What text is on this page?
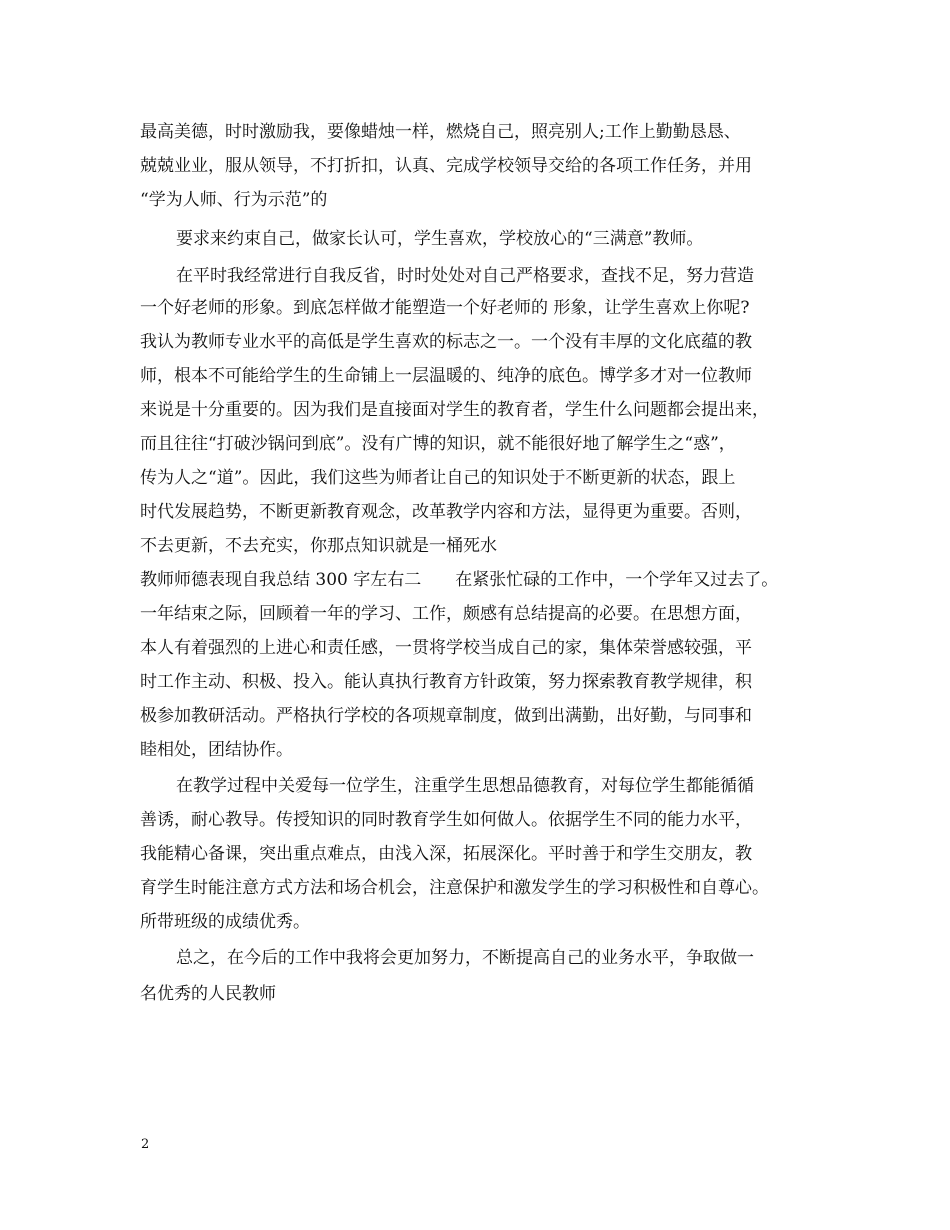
最高美德，时时激励我，要像蜡烛一样，燃烧自己，照亮别人;工作上勤勤恳恳、
兢兢业业，服从领导，不打折扣，认真、完成学校领导交给的各项工作任务，并用
“学为人师、行为示范”的
要求来约束自己，做家长认可，学生喜欢，学校放心的“三满意”教师。
在平时我经常进行自我反省，时时处处对自己严格要求，查找不足，努力营造
一个好老师的形象。到底怎样做才能塑造一个好老师的 形象，让学生喜欢上你呢?
我认为教师专业水平的高低是学生喜欢的标志之一。一个没有丰厚的文化底蕴的教
师，根本不可能给学生的生命铺上一层温暖的、纯净的底色。博学多才对一位教师
来说是十分重要的。因为我们是直接面对学生的教育者，学生什么问题都会提出来，
而且往往“打破沙锅问到底”。没有广博的知识，就不能很好地了解学生之“惑”，
传为人之“道”。因此，我们这些为师者让自己的知识处于不断更新的状态，跟上
时代发展趋势，不断更新教育观念，改革教学内容和方法，显得更为重要。否则，
不去更新，不去充实，你那点知识就是一桶死水
教师师德表现自我总结 300 字左右二　　在紧张忙碌的工作中，一个学年又过去了。
一年结束之际，回顾着一年的学习、工作，颇感有总结提高的必要。在思想方面，
本人有着强烈的上进心和责任感，一贯将学校当成自己的家，集体荣誉感较强，平
时工作主动、积极、投入。能认真执行教育方针政策，努力探索教育教学规律，积
极参加教研活动。严格执行学校的各项规章制度，做到出满勤，出好勤，与同事和
睦相处，团结协作。
在教学过程中关爱每一位学生，注重学生思想品德教育，对每位学生都能循循
善诱，耐心教导。传授知识的同时教育学生如何做人。依据学生不同的能力水平，
我能精心备课，突出重点难点，由浅入深，拓展深化。平时善于和学生交朋友，教
育学生时能注意方式方法和场合机会，注意保护和激发学生的学习积极性和自尊心。
所带班级的成绩优秀。
总之，在今后的工作中我将会更加努力，不断提高自己的业务水平，争取做一
名优秀的人民教师
2
